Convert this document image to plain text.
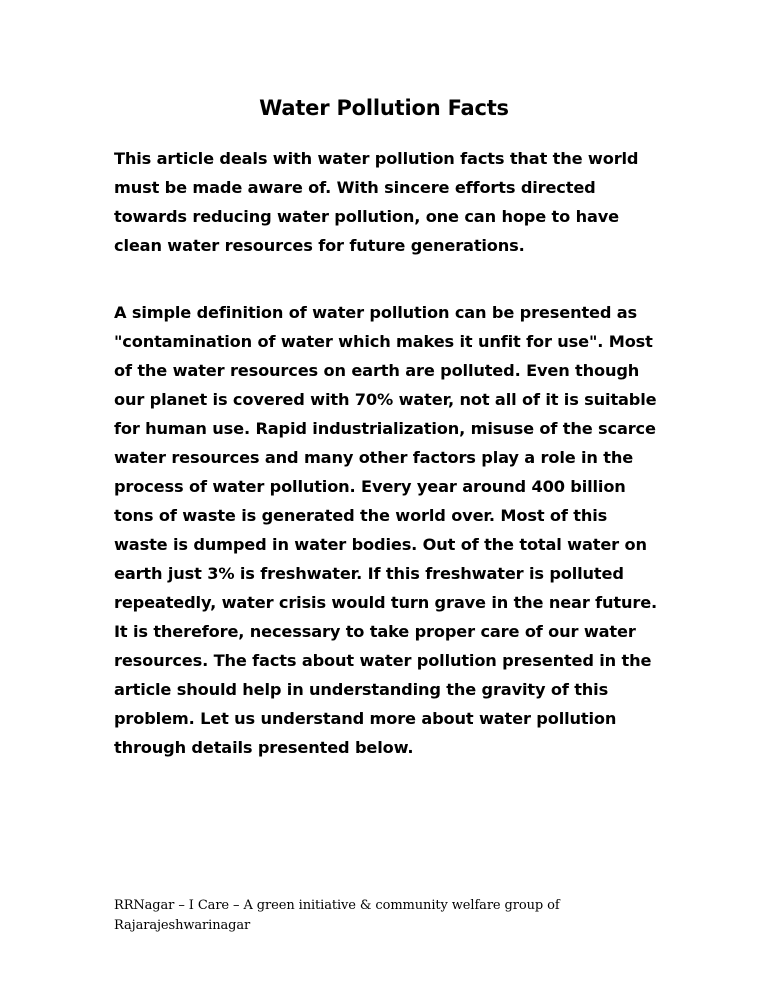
Water Pollution Facts

This article deals with water pollution facts that the world must be made aware of. With sincere efforts directed towards reducing water pollution, one can hope to have clean water resources for future generations.

A simple definition of water pollution can be presented as "contamination of water which makes it unfit for use". Most of the water resources on earth are polluted. Even though our planet is covered with 70% water, not all of it is suitable for human use. Rapid industrialization, misuse of the scarce water resources and many other factors play a role in the process of water pollution. Every year around 400 billion tons of waste is generated the world over. Most of this waste is dumped in water bodies. Out of the total water on earth just 3% is freshwater. If this freshwater is polluted repeatedly, water crisis would turn grave in the near future. It is therefore, necessary to take proper care of our water resources. The facts about water pollution presented in the article should help in understanding the gravity of this problem. Let us understand more about water pollution through details presented below.

RRNagar – I Care – A green initiative & community welfare group of Rajarajeshwarinagar
